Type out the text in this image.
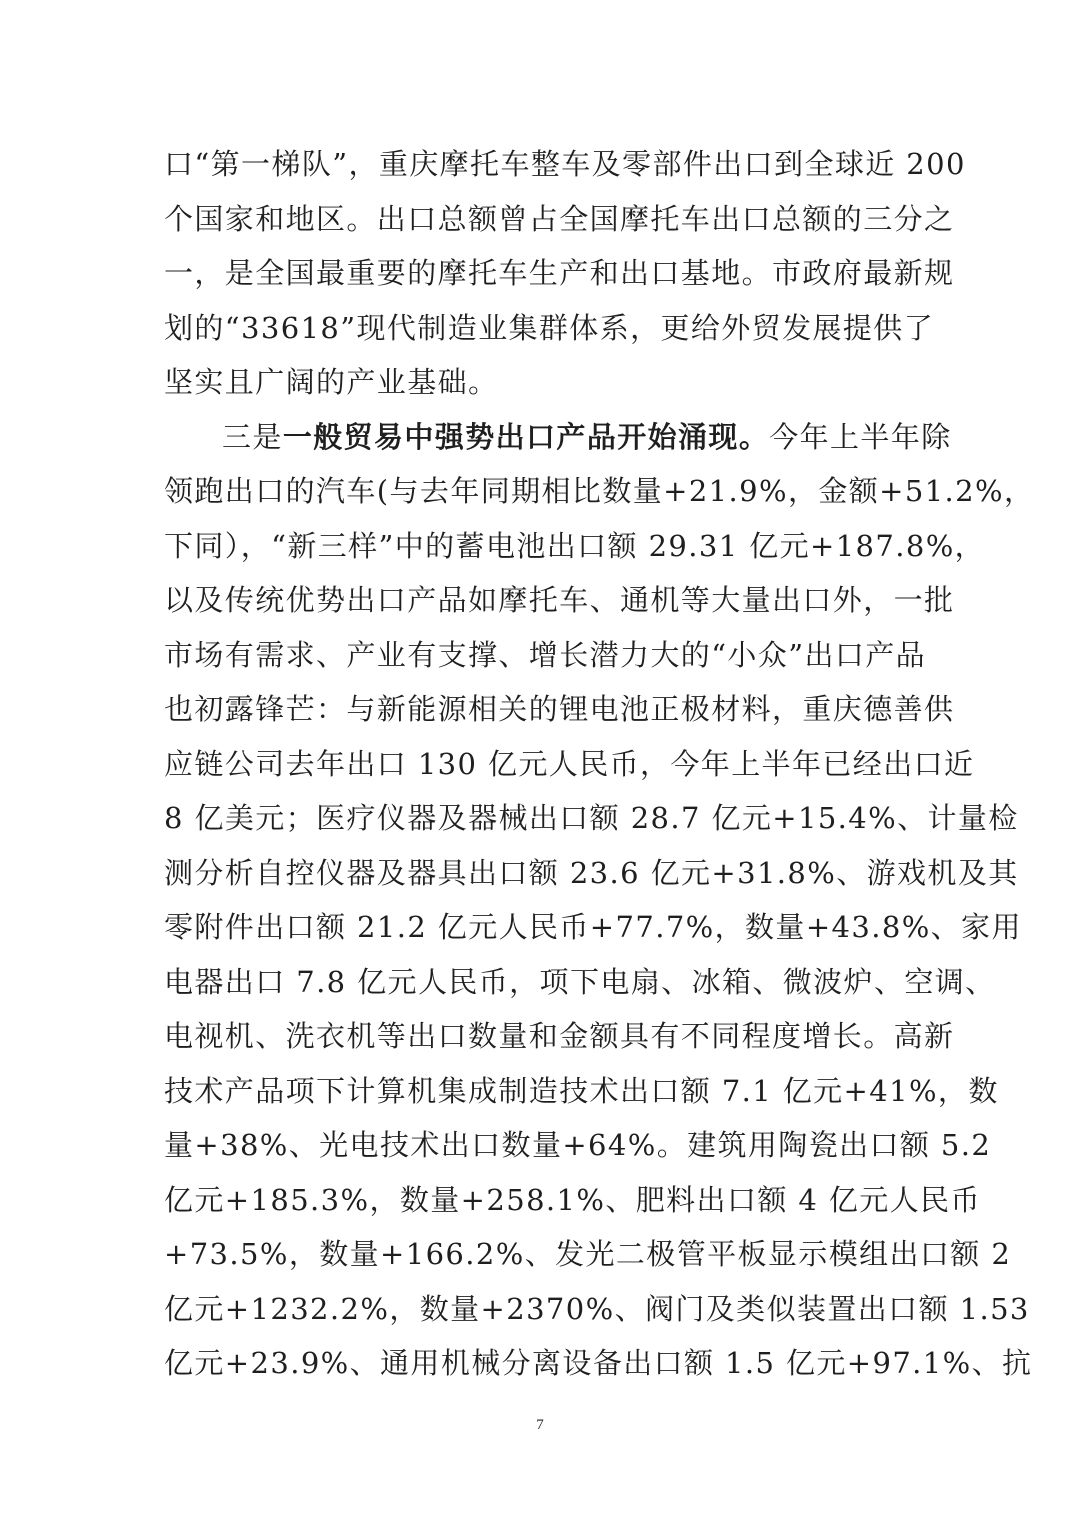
口“第一梯队”，重庆摩托车整车及零部件出口到全球近 200
个国家和地区。出口总额曾占全国摩托车出口总额的三分之
一，是全国最重要的摩托车生产和出口基地。市政府最新规
划的“33618”现代制造业集群体系，更给外贸发展提供了
坚实且广阔的产业基础。
三是一般贸易中强势出口产品开始涌现。今年上半年除
领跑出口的汽车(与去年同期相比数量+21.9%，金额+51.2%，
下同），“新三样”中的蓄电池出口额 29.31 亿元+187.8%，
以及传统优势出口产品如摩托车、通机等大量出口外，一批
市场有需求、产业有支撑、增长潜力大的“小众”出口产品
也初露锋芒：与新能源相关的锂电池正极材料，重庆德善供
应链公司去年出口 130 亿元人民币，今年上半年已经出口近
8 亿美元；医疗仪器及器械出口额 28.7 亿元+15.4%、计量检
测分析自控仪器及器具出口额 23.6 亿元+31.8%、游戏机及其
零附件出口额 21.2 亿元人民币+77.7%，数量+43.8%、家用
电器出口 7.8 亿元人民币，项下电扇、冰箱、微波炉、空调、
电视机、洗衣机等出口数量和金额具有不同程度增长。高新
技术产品项下计算机集成制造技术出口额 7.1 亿元+41%，数
量+38%、光电技术出口数量+64%。建筑用陶瓷出口额 5.2
亿元+185.3%，数量+258.1%、肥料出口额 4 亿元人民币
+73.5%，数量+166.2%、发光二极管平板显示模组出口额 2
亿元+1232.2%，数量+2370%、阀门及类似装置出口额 1.53
亿元+23.9%、通用机械分离设备出口额 1.5 亿元+97.1%、抗
7
